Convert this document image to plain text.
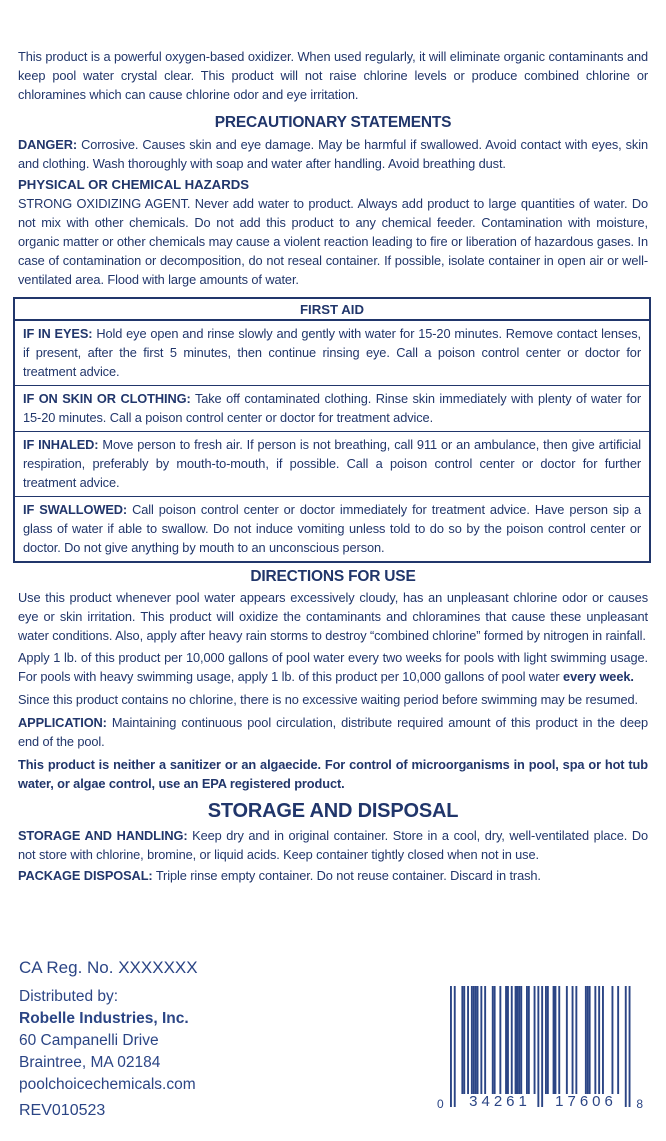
This product is a powerful oxygen-based oxidizer. When used regularly, it will eliminate organic contaminants and keep pool water crystal clear. This product will not raise chlorine levels or produce combined chlorine or chloramines which can cause chlorine odor and eye irritation.

PRECAUTIONARY STATEMENTS

DANGER: Corrosive. Causes skin and eye damage. May be harmful if swallowed. Avoid contact with eyes, skin and clothing. Wash thoroughly with soap and water after handling. Avoid breathing dust.

PHYSICAL OR CHEMICAL HAZARDS

STRONG OXIDIZING AGENT. Never add water to product. Always add product to large quantities of water. Do not mix with other chemicals. Do not add this product to any chemical feeder. Contamination with moisture, organic matter or other chemicals may cause a violent reaction leading to fire or liberation of hazardous gases. In case of contamination or decomposition, do not reseal container. If possible, isolate container in open air or well-ventilated area. Flood with large amounts of water.

FIRST AID

IF IN EYES: Hold eye open and rinse slowly and gently with water for 15-20 minutes. Remove contact lenses, if present, after the first 5 minutes, then continue rinsing eye. Call a poison control center or doctor for treatment advice.

IF ON SKIN OR CLOTHING: Take off contaminated clothing. Rinse skin immediately with plenty of water for 15-20 minutes. Call a poison control center or doctor for treatment advice.

IF INHALED: Move person to fresh air. If person is not breathing, call 911 or an ambulance, then give artificial respiration, preferably by mouth-to-mouth, if possible. Call a poison control center or doctor for further treatment advice.

IF SWALLOWED: Call poison control center or doctor immediately for treatment advice. Have person sip a glass of water if able to swallow. Do not induce vomiting unless told to do so by the poison control center or doctor. Do not give anything by mouth to an unconscious person.

DIRECTIONS FOR USE

Use this product whenever pool water appears excessively cloudy, has an unpleasant chlorine odor or causes eye or skin irritation. This product will oxidize the contaminants and chloramines that cause these unpleasant water conditions. Also, apply after heavy rain storms to destroy “combined chlorine” formed by nitrogen in rainfall.

Apply 1 lb. of this product per 10,000 gallons of pool water every two weeks for pools with light swimming usage. For pools with heavy swimming usage, apply 1 lb. of this product per 10,000 gallons of pool water every week.

Since this product contains no chlorine, there is no excessive waiting period before swimming may be resumed.

APPLICATION: Maintaining continuous pool circulation, distribute required amount of this product in the deep end of the pool.

This product is neither a sanitizer or an algaecide. For control of microorganisms in pool, spa or hot tub water, or algae control, use an EPA registered product.

STORAGE AND DISPOSAL

STORAGE AND HANDLING: Keep dry and in original container. Store in a cool, dry, well-ventilated place. Do not store with chlorine, bromine, or liquid acids. Keep container tightly closed when not in use.

PACKAGE DISPOSAL: Triple rinse empty container. Do not reuse container. Discard in trash.

CA Reg. No. XXXXXXX
Distributed by:
Robelle Industries, Inc.
60 Campanelli Drive
Braintree, MA 02184
poolchoicechemicals.com
REV010523	0	34261	17606	8
